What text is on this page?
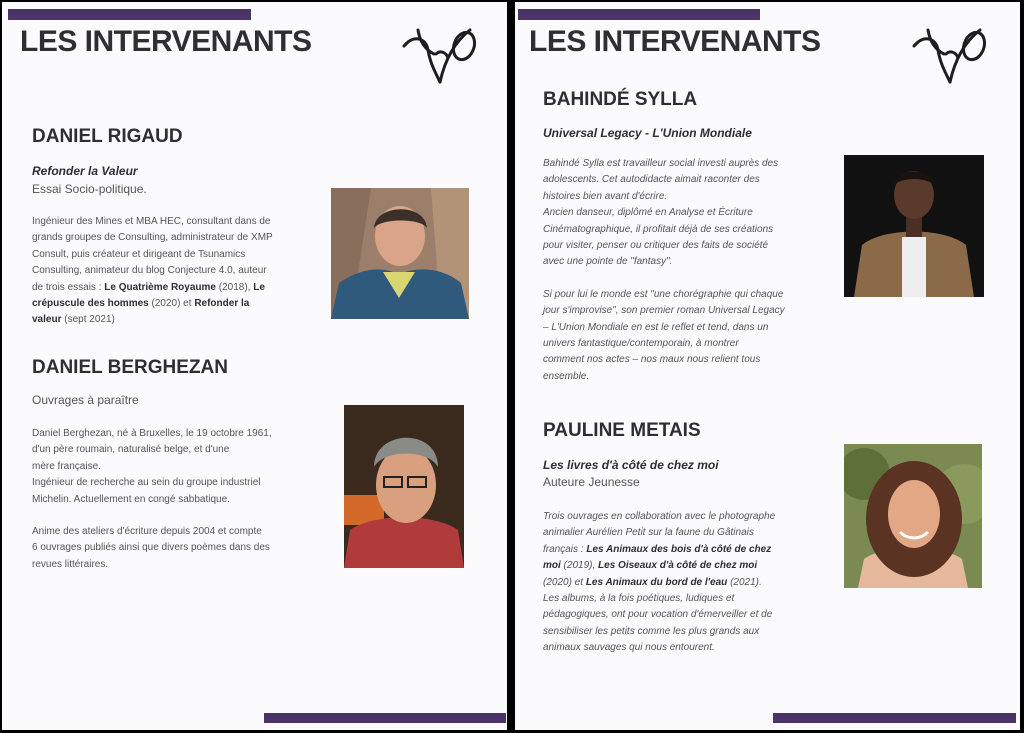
LES INTERVENANTS
DANIEL RIGAUD
Refonder la Valeur
Essai Socio-politique.
Ingénieur des Mines et MBA HEC, consultant dans de
grands groupes de Consulting, administrateur de XMP
Consult, puis créateur et dirigeant de Tsunamics
Consulting, animateur du blog Conjecture 4.0, auteur
de trois essais : Le Quatrième Royaume (2018), Le
crépuscule des hommes (2020) et Refonder la
valeur (sept 2021)
DANIEL BERGHEZAN
Ouvrages à paraître
Daniel Berghezan, né à Bruxelles, le 19 octobre 1961,
d'un père roumain, naturalisé belge, et d'une
mère française.
Ingénieur de recherche au sein du groupe industriel
Michelin. Actuellement en congé sabbatique.
Anime des ateliers d'écriture depuis 2004 et compte
6 ouvrages publiés ainsi que divers poèmes dans des
revues littéraires.
LES INTERVENANTS
BAHINDÉ SYLLA
Universal Legacy - L'Union Mondiale
Bahindé Sylla est travailleur social investi auprès des
adolescents. Cet autodidacte aimait raconter des
histoires bien avant d'écrire.
Ancien danseur, diplômé en Analyse et Écriture
Cinématographique, il profitait déjà de ses créations
pour visiter, penser ou critiquer des faits de société
avec une pointe de "fantasy".
Si pour lui le monde est "une chorégraphie qui chaque
jour s'improvise", son premier roman Universal Legacy
– L'Union Mondiale en est le reflet et tend, dans un
univers fantastique/contemporain, à montrer
comment nos actes – nos maux nous relient tous
ensemble.
PAULINE METAIS
Les livres d'à côté de chez moi
Auteure Jeunesse
Trois ouvrages en collaboration avec le photographe
animalier Aurélien Petit sur la faune du Gâtinais
français : Les Animaux des bois d'à côté de chez
moi (2019), Les Oiseaux d'à côté de chez moi
(2020) et Les Animaux du bord de l'eau (2021).
Les albums, à la fois poétiques, ludiques et
pédagogiques, ont pour vocation d'émerveiller et de
sensibiliser les petits comme les plus grands aux
animaux sauvages qui nous entourent.
